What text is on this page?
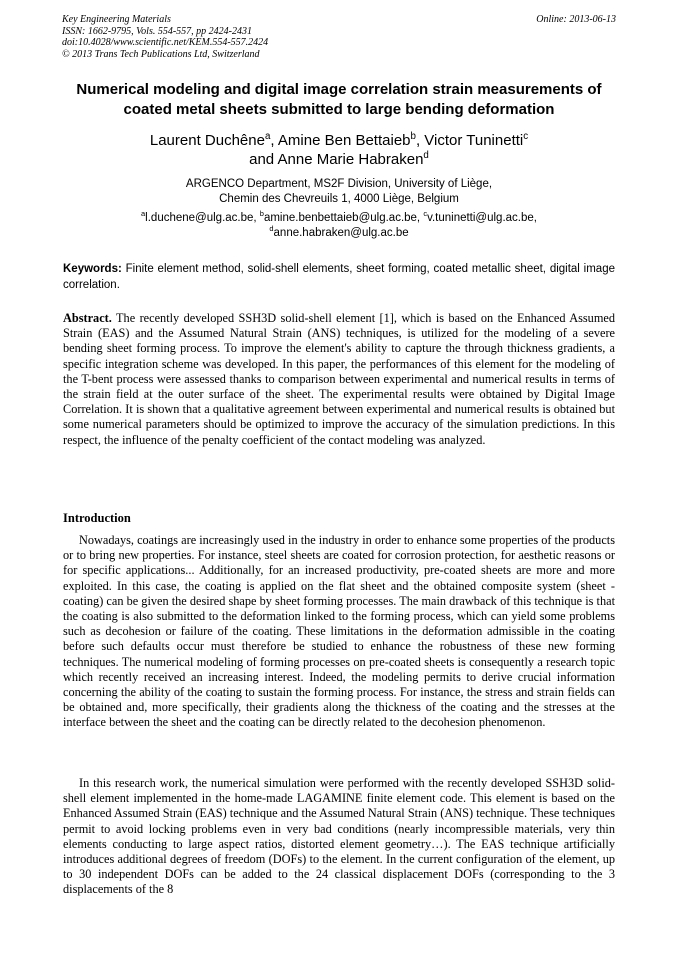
Key Engineering Materials
ISSN: 1662-9795, Vols. 554-557, pp 2424-2431
doi:10.4028/www.scientific.net/KEM.554-557.2424
© 2013 Trans Tech Publications Ltd, Switzerland
Online: 2013-06-13
Numerical modeling and digital image correlation strain measurements of coated metal sheets submitted to large bending deformation
Laurent Duchêne$^a$, Amine Ben Bettaieb$^b$, Victor Tuninetti$^c$
and Anne Marie Habraken$^d$
ARGENCO Department, MS2F Division, University of Liège,
Chemin des Chevreuils 1, 4000 Liège, Belgium
$^a$l.duchene@ulg.ac.be, $^b$amine.benbettaieb@ulg.ac.be, $^c$v.tuninetti@ulg.ac.be,
$^d$anne.habraken@ulg.ac.be
Keywords: Finite element method, solid-shell elements, sheet forming, coated metallic sheet, digital image correlation.
Abstract. The recently developed SSH3D solid-shell element [1], which is based on the Enhanced Assumed Strain (EAS) and the Assumed Natural Strain (ANS) techniques, is utilized for the modeling of a severe bending sheet forming process. To improve the element's ability to capture the through thickness gradients, a specific integration scheme was developed. In this paper, the performances of this element for the modeling of the T-bent process were assessed thanks to comparison between experimental and numerical results in terms of the strain field at the outer surface of the sheet. The experimental results were obtained by Digital Image Correlation. It is shown that a qualitative agreement between experimental and numerical results is obtained but some numerical parameters should be optimized to improve the accuracy of the simulation predictions. In this respect, the influence of the penalty coefficient of the contact modeling was analyzed.
Introduction

Nowadays, coatings are increasingly used in the industry in order to enhance some properties of the products or to bring new properties. For instance, steel sheets are coated for corrosion protection, for aesthetic reasons or for specific applications... Additionally, for an increased productivity, pre-coated sheets are more and more exploited. In this case, the coating is applied on the flat sheet and the obtained composite system (sheet - coating) can be given the desired shape by sheet forming processes. The main drawback of this technique is that the coating is also submitted to the deformation linked to the forming process, which can yield some problems such as decohesion or failure of the coating. These limitations in the deformation admissible in the coating before such defaults occur must therefore be studied to enhance the robustness of these new forming techniques. The numerical modeling of forming processes on pre-coated sheets is consequently a research topic which recently received an increasing interest. Indeed, the modeling permits to derive crucial information concerning the ability of the coating to sustain the forming process. For instance, the stress and strain fields can be obtained and, more specifically, their gradients along the thickness of the coating and the stresses at the interface between the sheet and the coating can be directly related to the decohesion phenomenon.

In this research work, the numerical simulation were performed with the recently developed SSH3D solid-shell element implemented in the home-made LAGAMINE finite element code. This element is based on the Enhanced Assumed Strain (EAS) technique and the Assumed Natural Strain (ANS) technique. These techniques permit to avoid locking problems even in very bad conditions (nearly incompressible materials, very thin elements conducting to large aspect ratios, distorted element geometry…). The EAS technique artificially introduces additional degrees of freedom (DOFs) to the element. In the current configuration of the element, up to 30 independent DOFs can be added to the 24 classical displacement DOFs (corresponding to the 3 displacements of the 8
